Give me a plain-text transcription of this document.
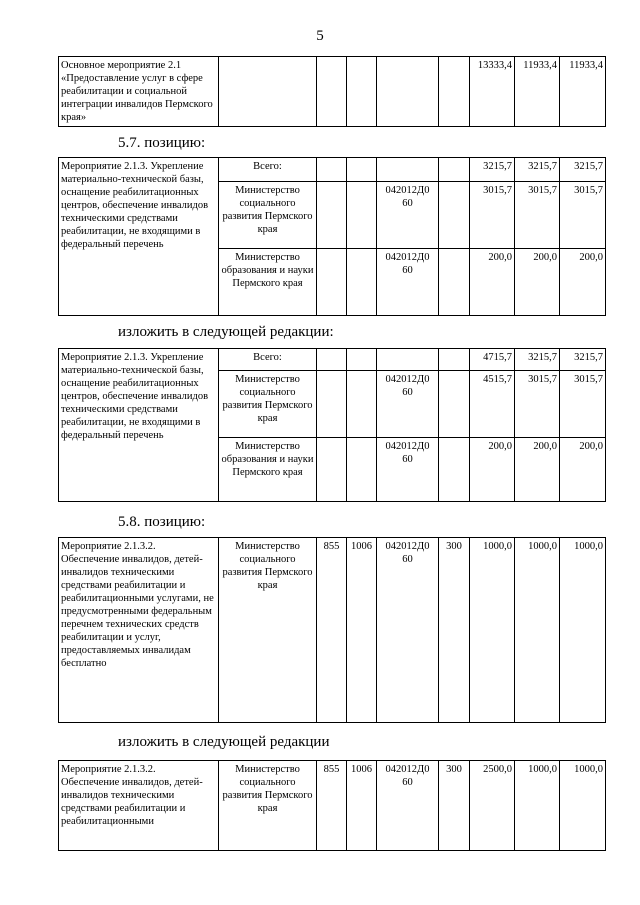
5
Основное мероприятие 2.1 «Предоставление услуг в сфере реабилитации и социальной интеграции инвалидов Пермского края»						13333,4	11933,4	11933,4
5.7. позицию:
Мероприятие 2.1.3. Укрепление материально-технической базы, оснащение реабилитационных центров, обеспечение инвалидов техническими средствами реабилитации, не входящими в федеральный перечень	Всего:					3215,7	3215,7	3215,7
	Министерство социального развития Пермского края			042012Д0 60		3015,7	3015,7	3015,7
	Министерство образования и науки Пермского края			042012Д0 60		200,0	200,0	200,0
изложить в следующей редакции:
Мероприятие 2.1.3. Укрепление материально-технической базы, оснащение реабилитационных центров, обеспечение инвалидов техническими средствами реабилитации, не входящими в федеральный перечень	Всего:					4715,7	3215,7	3215,7
	Министерство социального развития Пермского края			042012Д0 60		4515,7	3015,7	3015,7
	Министерство образования и науки Пермского края			042012Д0 60		200,0	200,0	200,0
5.8. позицию:
Мероприятие 2.1.3.2. Обеспечение инвалидов, детей-инвалидов техническими средствами реабилитации и реабилитационными услугами, не предусмотренными федеральным перечнем технических средств реабилитации и услуг, предоставляемых инвалидам бесплатно	Министерство социального развития Пермского края	855	1006	042012Д0 60	300	1000,0	1000,0	1000,0
изложить в следующей редакции
Мероприятие 2.1.3.2. Обеспечение инвалидов, детей-инвалидов техническими средствами реабилитации и реабилитационными	Министерство социального развития Пермского края	855	1006	042012Д0 60	300	2500,0	1000,0	1000,0
